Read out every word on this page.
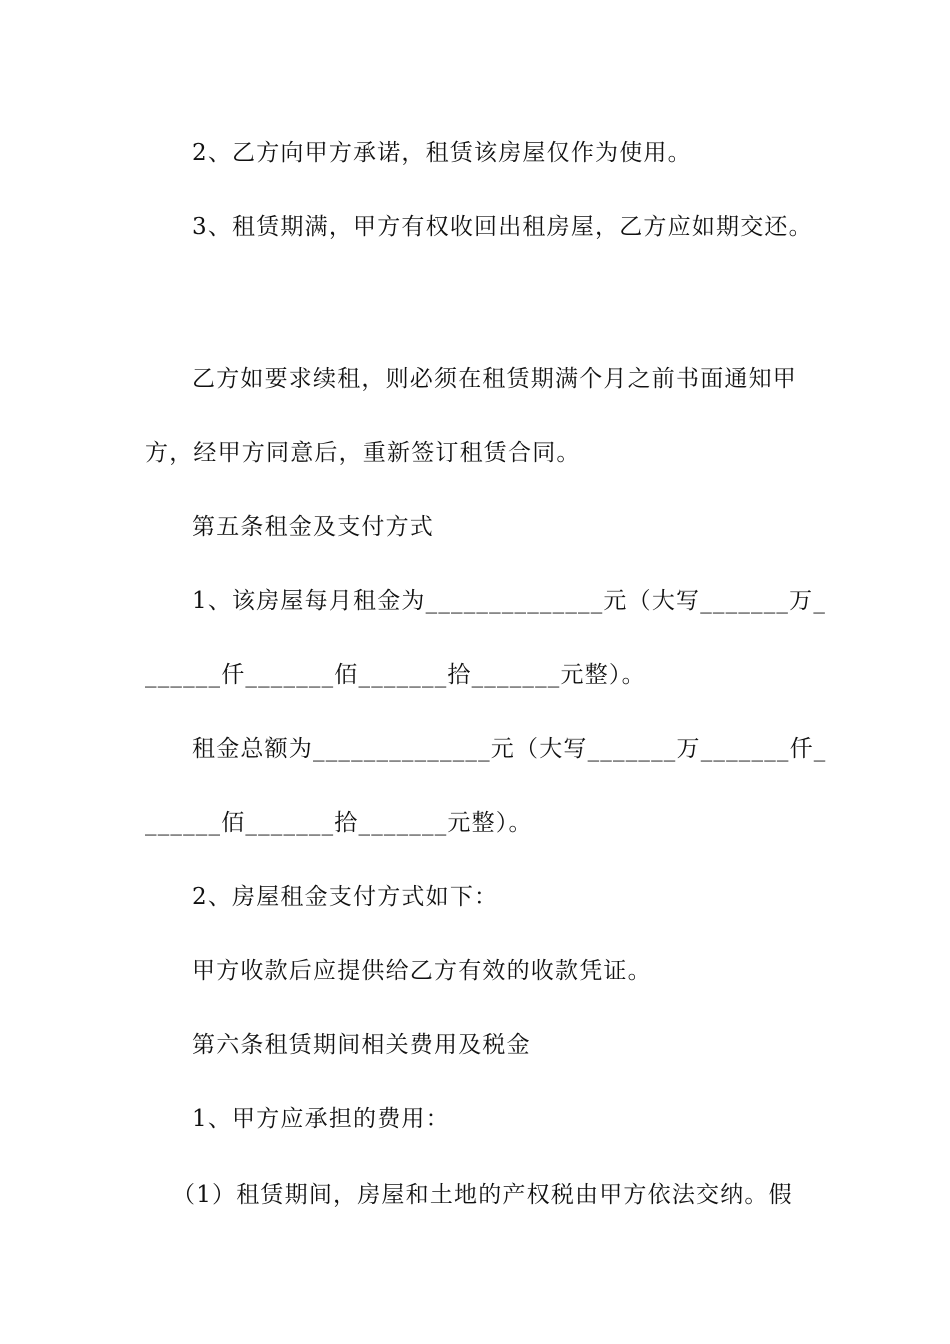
2、乙方向甲方承诺，租赁该房屋仅作为使用。
3、租赁期满，甲方有权收回出租房屋，乙方应如期交还。
乙方如要求续租，则必须在租赁期满个月之前书面通知甲
方，经甲方同意后，重新签订租赁合同。
第五条租金及支付方式
1、该房屋每月租金为______________元（大写_______万_
______仟_______佰_______拾_______元整）。
租金总额为______________元（大写_______万_______仟_
______佰_______拾_______元整）。
2、房屋租金支付方式如下：
甲方收款后应提供给乙方有效的收款凭证。
第六条租赁期间相关费用及税金
1、甲方应承担的费用：
（1）租赁期间，房屋和土地的产权税由甲方依法交纳。假
